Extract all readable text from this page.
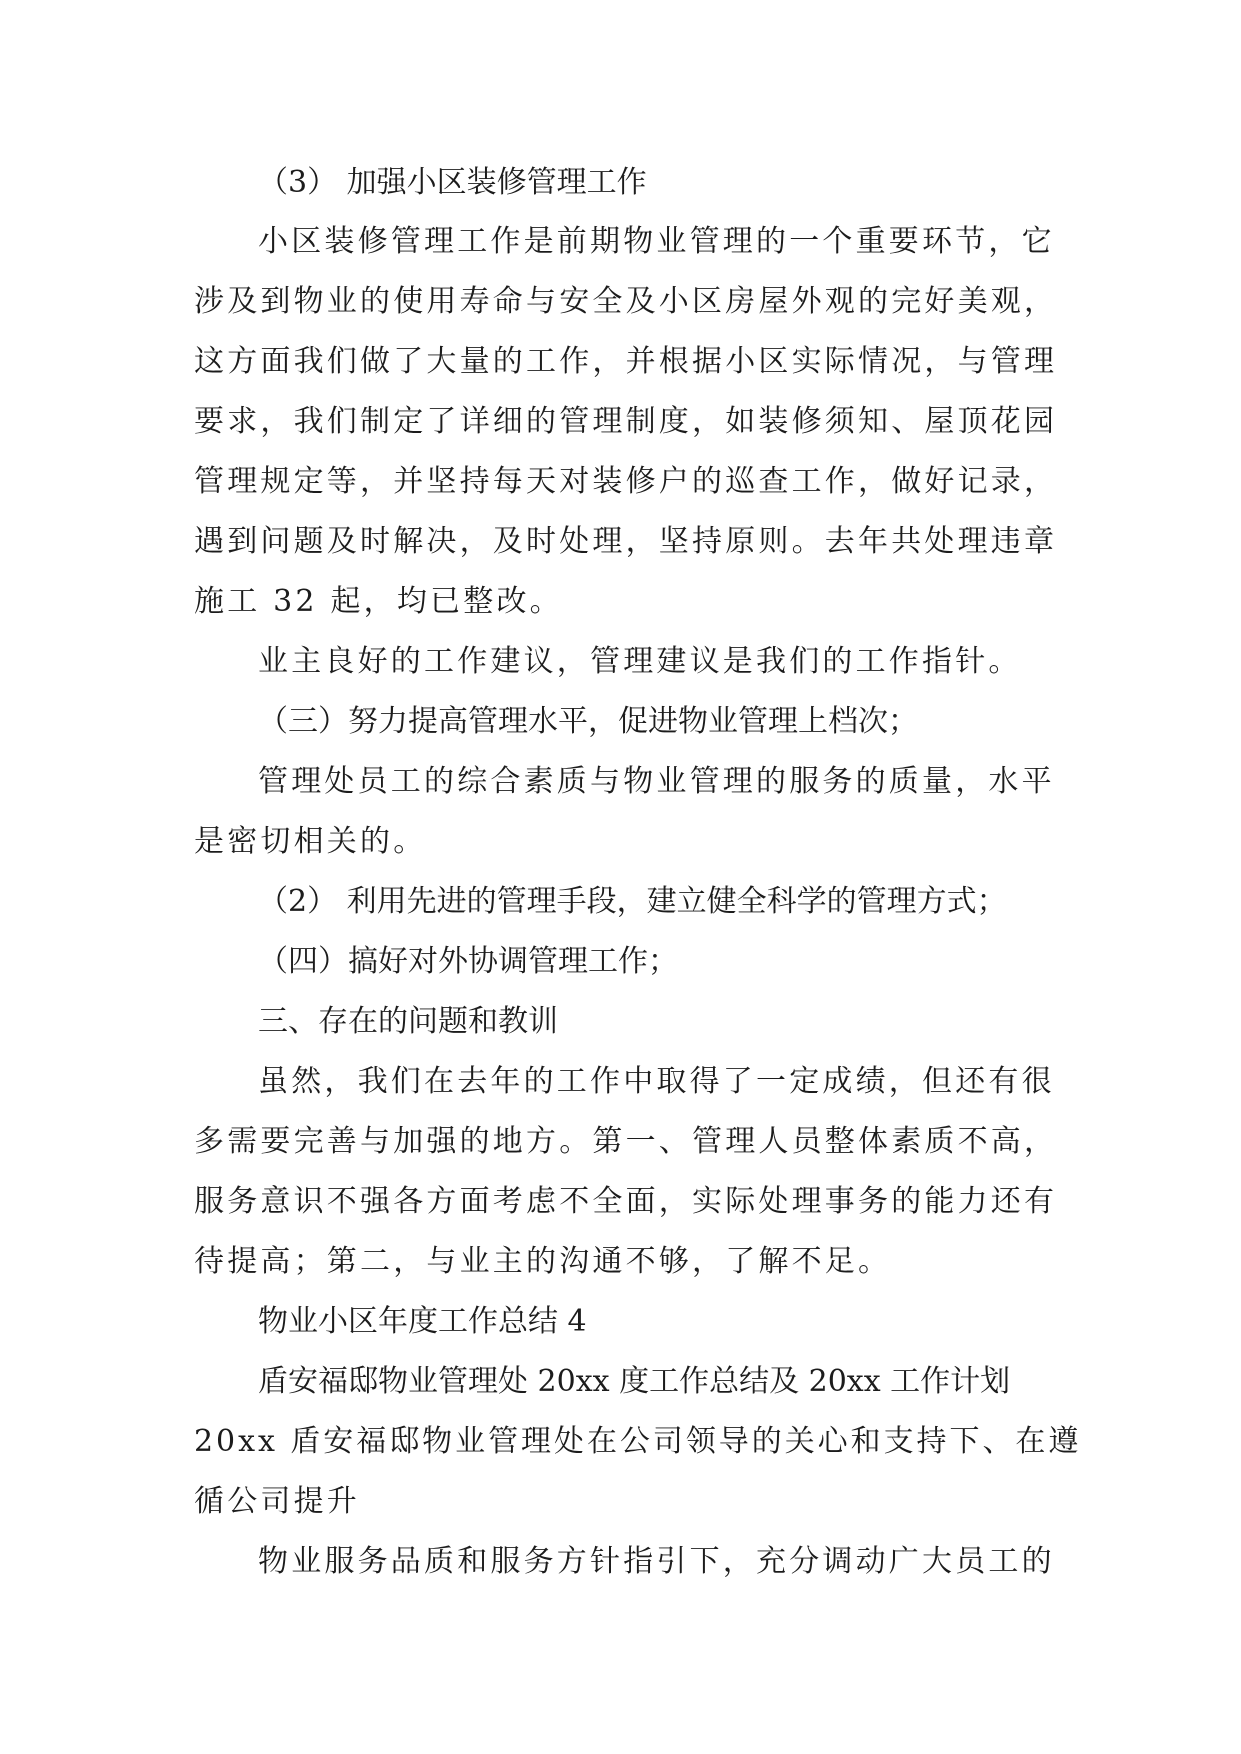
（3） 加强小区装修管理工作
小区装修管理工作是前期物业管理的一个重要环节，它
涉及到物业的使用寿命与安全及小区房屋外观的完好美观，
这方面我们做了大量的工作，并根据小区实际情况，与管理
要求，我们制定了详细的管理制度，如装修须知、屋顶花园
管理规定等，并坚持每天对装修户的巡查工作，做好记录，
遇到问题及时解决，及时处理，坚持原则。去年共处理违章
施工 32 起，均已整改。
业主良好的工作建议，管理建议是我们的工作指针。
（三）努力提高管理水平，促进物业管理上档次；
管理处员工的综合素质与物业管理的服务的质量，水平
是密切相关的。
（2） 利用先进的管理手段，建立健全科学的管理方式；
（四）搞好对外协调管理工作；
三、存在的问题和教训
虽然，我们在去年的工作中取得了一定成绩，但还有很
多需要完善与加强的地方。第一、管理人员整体素质不高，
服务意识不强各方面考虑不全面，实际处理事务的能力还有
待提高；第二，与业主的沟通不够，了解不足。
物业小区年度工作总结 4
盾安福邸物业管理处 20xx 度工作总结及 20xx 工作计划
20xx 盾安福邸物业管理处在公司领导的关心和支持下、在遵
循公司提升
物业服务品质和服务方针指引下，充分调动广大员工的
